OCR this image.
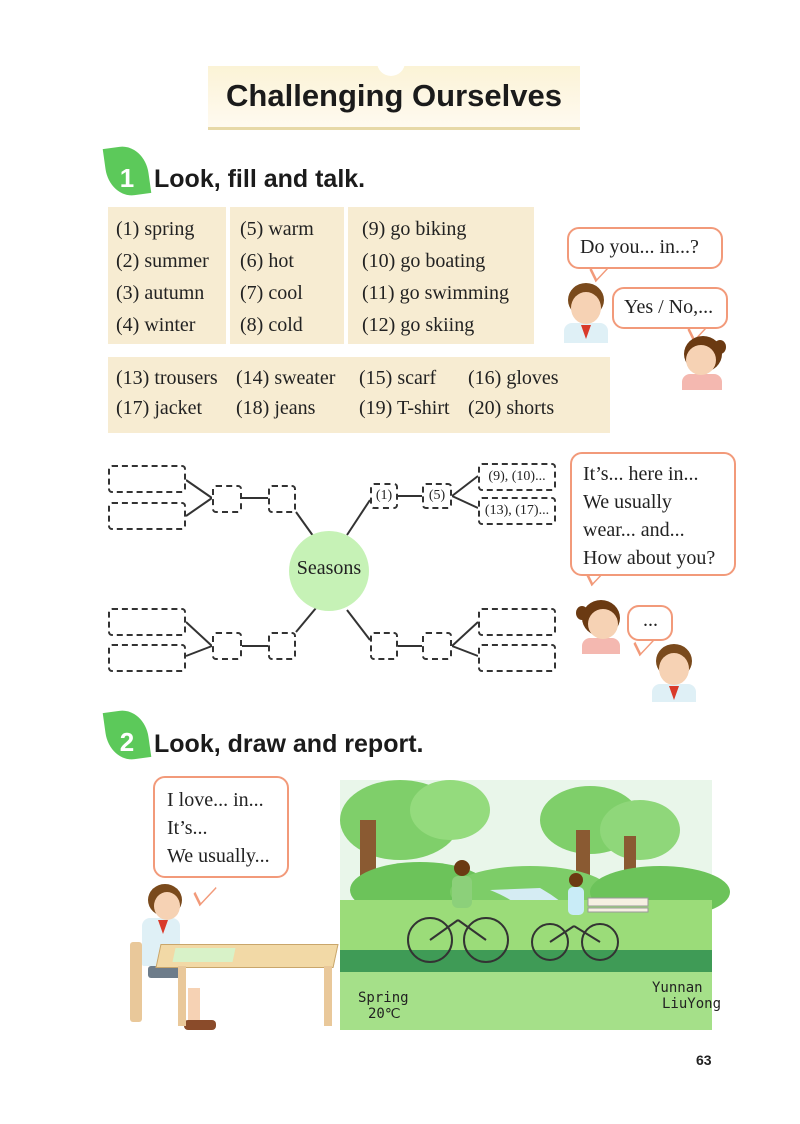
Challenging Ourselves
1 Look, fill and talk.
(1) spring
(2) summer
(3) autumn
(4) winter
(5) warm
(6) hot
(7) cool
(8) cold
(9) go biking
(10) go boating
(11) go swimming
(12) go skiing
(13) trousers (14) sweater (15) scarf (16) gloves
(17) jacket (18) jeans (19) T-shirt (20) shorts
Do you... in...?
Yes / No,...
(1)	(5)
(9), (10)...
(13), (17)...
Seasons
It’s... here in...
We usually
wear... and...
How about you?
...
2 Look, draw and report.
I love... in...
It’s...
We usually...
Spring
20℃
Yunnan
LiuYong
63
